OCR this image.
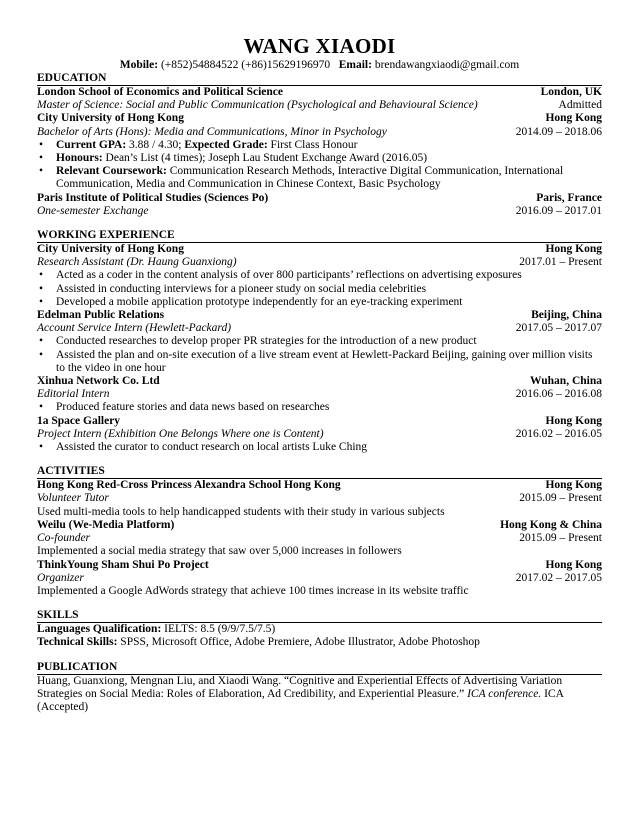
WANG XIAODI
Mobile: (+852)54884522 (+86)15629196970 Email: brendawangxiaodi@gmail.com
EDUCATION
London School of Economics and Political Science	London, UK
Master of Science: Social and Public Communication (Psychological and Behavioural Science)	Admitted
City University of Hong Kong	Hong Kong
Bachelor of Arts (Hons): Media and Communications, Minor in Psychology	2014.09 – 2018.06
• Current GPA: 3.88 / 4.30; Expected Grade: First Class Honour
• Honours: Dean’s List (4 times); Joseph Lau Student Exchange Award (2016.05)
• Relevant Coursework: Communication Research Methods, Interactive Digital Communication, International Communication, Media and Communication in Chinese Context, Basic Psychology
Paris Institute of Political Studies (Sciences Po)	Paris, France
One-semester Exchange	2016.09 – 2017.01
WORKING EXPERIENCE
City University of Hong Kong	Hong Kong
Research Assistant (Dr. Haung Guanxiong)	2017.01 – Present
• Acted as a coder in the content analysis of over 800 participants’ reflections on advertising exposures
• Assisted in conducting interviews for a pioneer study on social media celebrities
• Developed a mobile application prototype independently for an eye-tracking experiment
Edelman Public Relations	Beijing, China
Account Service Intern (Hewlett-Packard)	2017.05 – 2017.07
• Conducted researches to develop proper PR strategies for the introduction of a new product
• Assisted the plan and on-site execution of a live stream event at Hewlett-Packard Beijing, gaining over million visits to the video in one hour
Xinhua Network Co. Ltd	Wuhan, China
Editorial Intern	2016.06 – 2016.08
• Produced feature stories and data news based on researches
1a Space Gallery	Hong Kong
Project Intern (Exhibition One Belongs Where one is Content)	2016.02 – 2016.05
• Assisted the curator to conduct research on local artists Luke Ching
ACTIVITIES
Hong Kong Red-Cross Princess Alexandra School Hong Kong	Hong Kong
Volunteer Tutor	2015.09 – Present
Used multi-media tools to help handicapped students with their study in various subjects
Weilu (We-Media Platform)	Hong Kong & China
Co-founder	2015.09 – Present
Implemented a social media strategy that saw over 5,000 increases in followers
ThinkYoung Sham Shui Po Project	Hong Kong
Organizer	2017.02 – 2017.05
Implemented a Google AdWords strategy that achieve 100 times increase in its website traffic
SKILLS
Languages Qualification: IELTS: 8.5 (9/9/7.5/7.5)
Technical Skills: SPSS, Microsoft Office, Adobe Premiere, Adobe Illustrator, Adobe Photoshop
PUBLICATION
Huang, Guanxiong, Mengnan Liu, and Xiaodi Wang. “Cognitive and Experiential Effects of Advertising Variation Strategies on Social Media: Roles of Elaboration, Ad Credibility, and Experiential Pleasure.” ICA conference. ICA (Accepted)
